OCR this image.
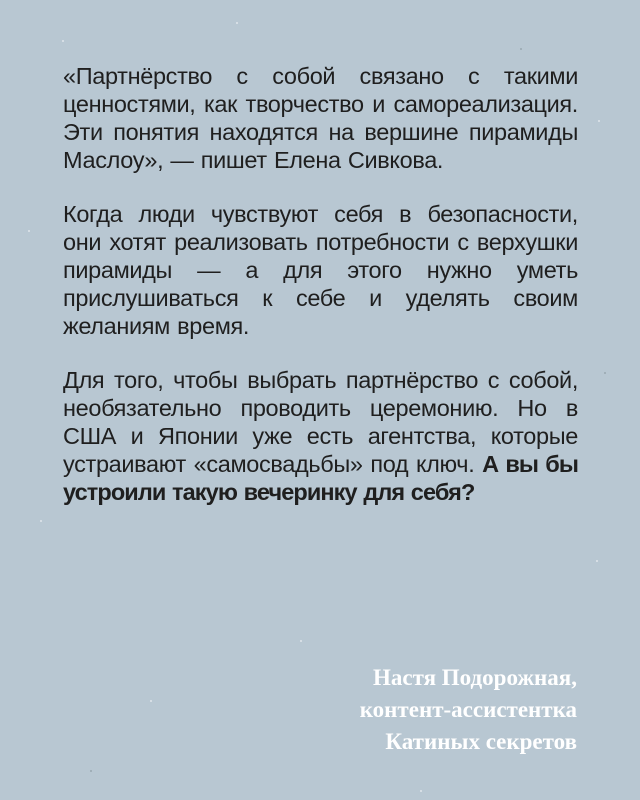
«Партнёрство с собой связано с такими ценностями, как творчество и самореализация. Эти понятия находятся на вершине пирамиды Маслоу», — пишет Елена Сивкова.

Когда люди чувствуют себя в безопасности, они хотят реализовать потребности с верхушки пирамиды — а для этого нужно уметь прислушиваться к себе и уделять своим желаниям время.

Для того, чтобы выбрать партнёрство с собой, необязательно проводить церемонию. Но в США и Японии уже есть агентства, которые устраивают «самосвадьбы» под ключ. А вы бы устроили такую вечеринку для себя?

Настя Подорожная,
контент-ассистентка
Катиных секретов
